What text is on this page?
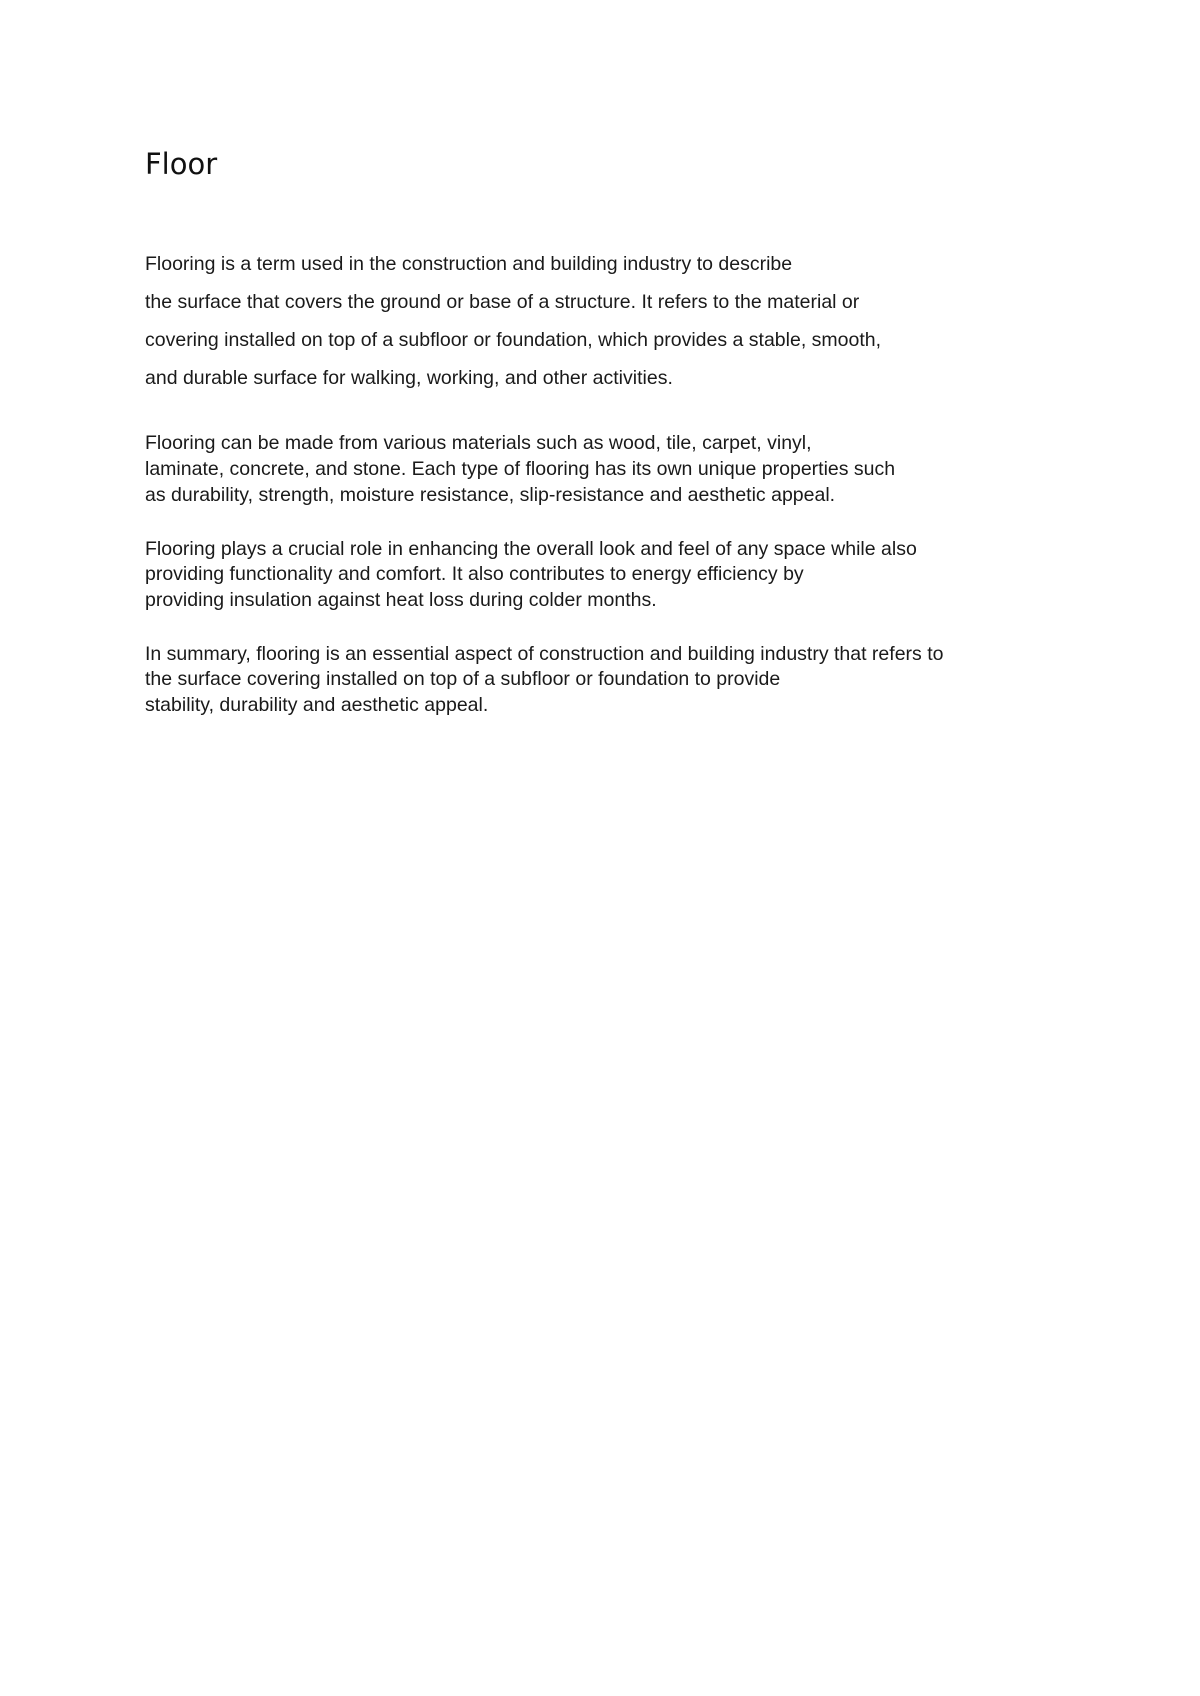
Floor

Flooring is a term used in the construction and building industry to describe

the surface that covers the ground or base of a structure. It refers to the material or

covering installed on top of a subfloor or foundation, which provides a stable, smooth,

and durable surface for walking, working, and other activities.

Flooring can be made from various materials such as wood, tile, carpet, vinyl,

laminate, concrete, and stone. Each type of flooring has its own unique properties such

as durability, strength, moisture resistance, slip-resistance and aesthetic appeal.

Flooring plays a crucial role in enhancing the overall look and feel of any space while also

providing functionality and comfort. It also contributes to energy efficiency by

providing insulation against heat loss during colder months.

In summary, flooring is an essential aspect of construction and building industry that refers to

the surface covering installed on top of a subfloor or foundation to provide

stability, durability and aesthetic appeal.
